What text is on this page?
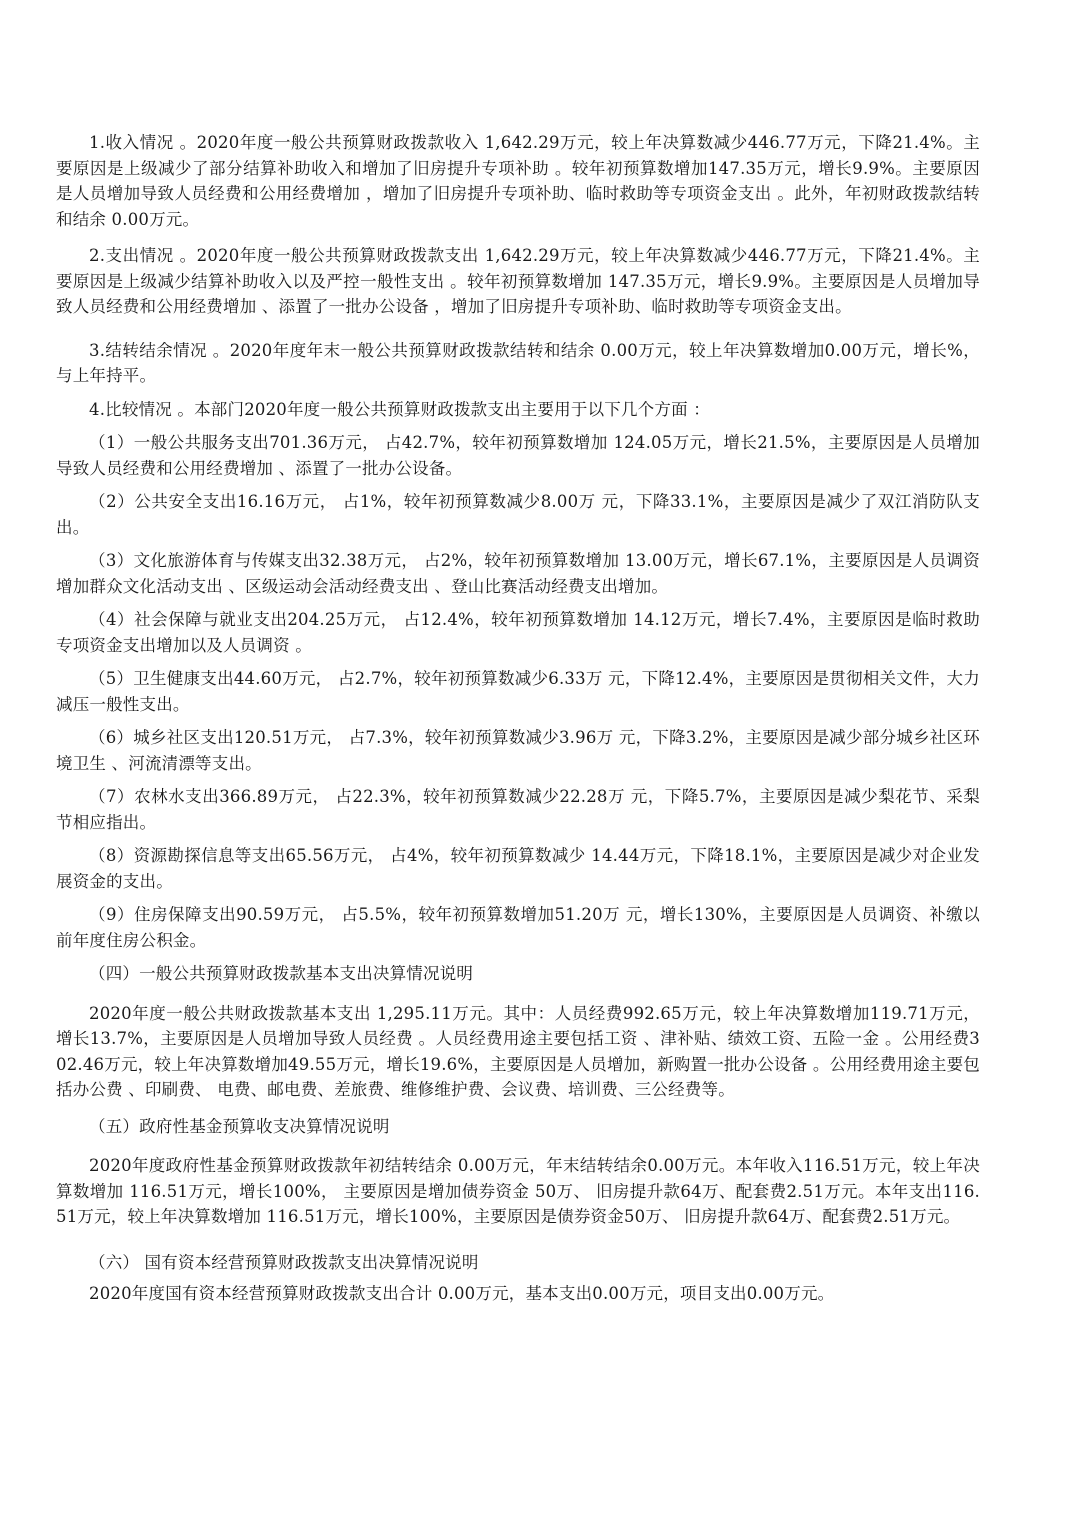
1.收入情况 。2020年度一般公共预算财政拨款收入 1,642.29万元，较上年决算数减少446.77万元，下降21.4%。主要原因是上级减少了部分结算补助收入和增加了旧房提升专项补助 。较年初预算数增加147.35万元，增长9.9%。主要原因是人员增加导致人员经费和公用经费增加 ，增加了旧房提升专项补助、临时救助等专项资金支出 。此外，年初财政拨款结转和结余 0.00万元。

2.支出情况 。2020年度一般公共预算财政拨款支出 1,642.29万元，较上年决算数减少446.77万元，下降21.4%。主要原因是上级减少结算补助收入以及严控一般性支出 。较年初预算数增加 147.35万元，增长9.9%。主要原因是人员增加导致人员经费和公用经费增加 、添置了一批办公设备 ，增加了旧房提升专项补助、临时救助等专项资金支出。

3.结转结余情况 。2020年度年末一般公共预算财政拨款结转和结余 0.00万元，较上年决算数增加0.00万元，增长%，与上年持平。

4.比较情况 。本部门2020年度一般公共预算财政拨款支出主要用于以下几个方面 ：

（1）一般公共服务支出701.36万元， 占42.7%，较年初预算数增加 124.05万元，增长21.5%，主要原因是人员增加导致人员经费和公用经费增加 、添置了一批办公设备。

（2）公共安全支出16.16万元， 占1%，较年初预算数减少8.00万 元，下降33.1%，主要原因是减少了双江消防队支出。

（3）文化旅游体育与传媒支出32.38万元， 占2%，较年初预算数增加 13.00万元，增长67.1%，主要原因是人员调资增加群众文化活动支出 、区级运动会活动经费支出 、登山比赛活动经费支出增加。

（4）社会保障与就业支出204.25万元， 占12.4%，较年初预算数增加 14.12万元，增长7.4%，主要原因是临时救助专项资金支出增加以及人员调资 。

（5）卫生健康支出44.60万元， 占2.7%，较年初预算数减少6.33万 元，下降12.4%，主要原因是贯彻相关文件，大力减压一般性支出。

（6）城乡社区支出120.51万元， 占7.3%，较年初预算数减少3.96万 元，下降3.2%，主要原因是减少部分城乡社区环境卫生 、河流清漂等支出。

（7）农林水支出366.89万元， 占22.3%，较年初预算数减少22.28万 元，下降5.7%，主要原因是减少梨花节、采梨节相应指出。

（8）资源勘探信息等支出65.56万元， 占4%，较年初预算数减少 14.44万元，下降18.1%，主要原因是减少对企业发展资金的支出。

（9）住房保障支出90.59万元， 占5.5%，较年初预算数增加51.20万 元，增长130%，主要原因是人员调资、补缴以前年度住房公积金。

（四）一般公共预算财政拨款基本支出决算情况说明

2020年度一般公共财政拨款基本支出 1,295.11万元。其中：人员经费992.65万元，较上年决算数增加119.71万元，增长13.7%，主要原因是人员增加导致人员经费 。人员经费用途主要包括工资 、津补贴、绩效工资、五险一金 。公用经费302.46万元，较上年决算数增加49.55万元，增长19.6%，主要原因是人员增加，新购置一批办公设备 。公用经费用途主要包括办公费 、印刷费、 电费、邮电费、差旅费、维修维护费、会议费、培训费、三公经费等。

（五）政府性基金预算收支决算情况说明

2020年度政府性基金预算财政拨款年初结转结余 0.00万元，年末结转结余0.00万元。本年收入116.51万元，较上年决算数增加 116.51万元，增长100%， 主要原因是增加债券资金 50万、 旧房提升款64万、配套费2.51万元。本年支出116.51万元，较上年决算数增加 116.51万元，增长100%，主要原因是债券资金50万、 旧房提升款64万、配套费2.51万元。

（六） 国有资本经营预算财政拨款支出决算情况说明

2020年度国有资本经营预算财政拨款支出合计 0.00万元，基本支出0.00万元，项目支出0.00万元。
